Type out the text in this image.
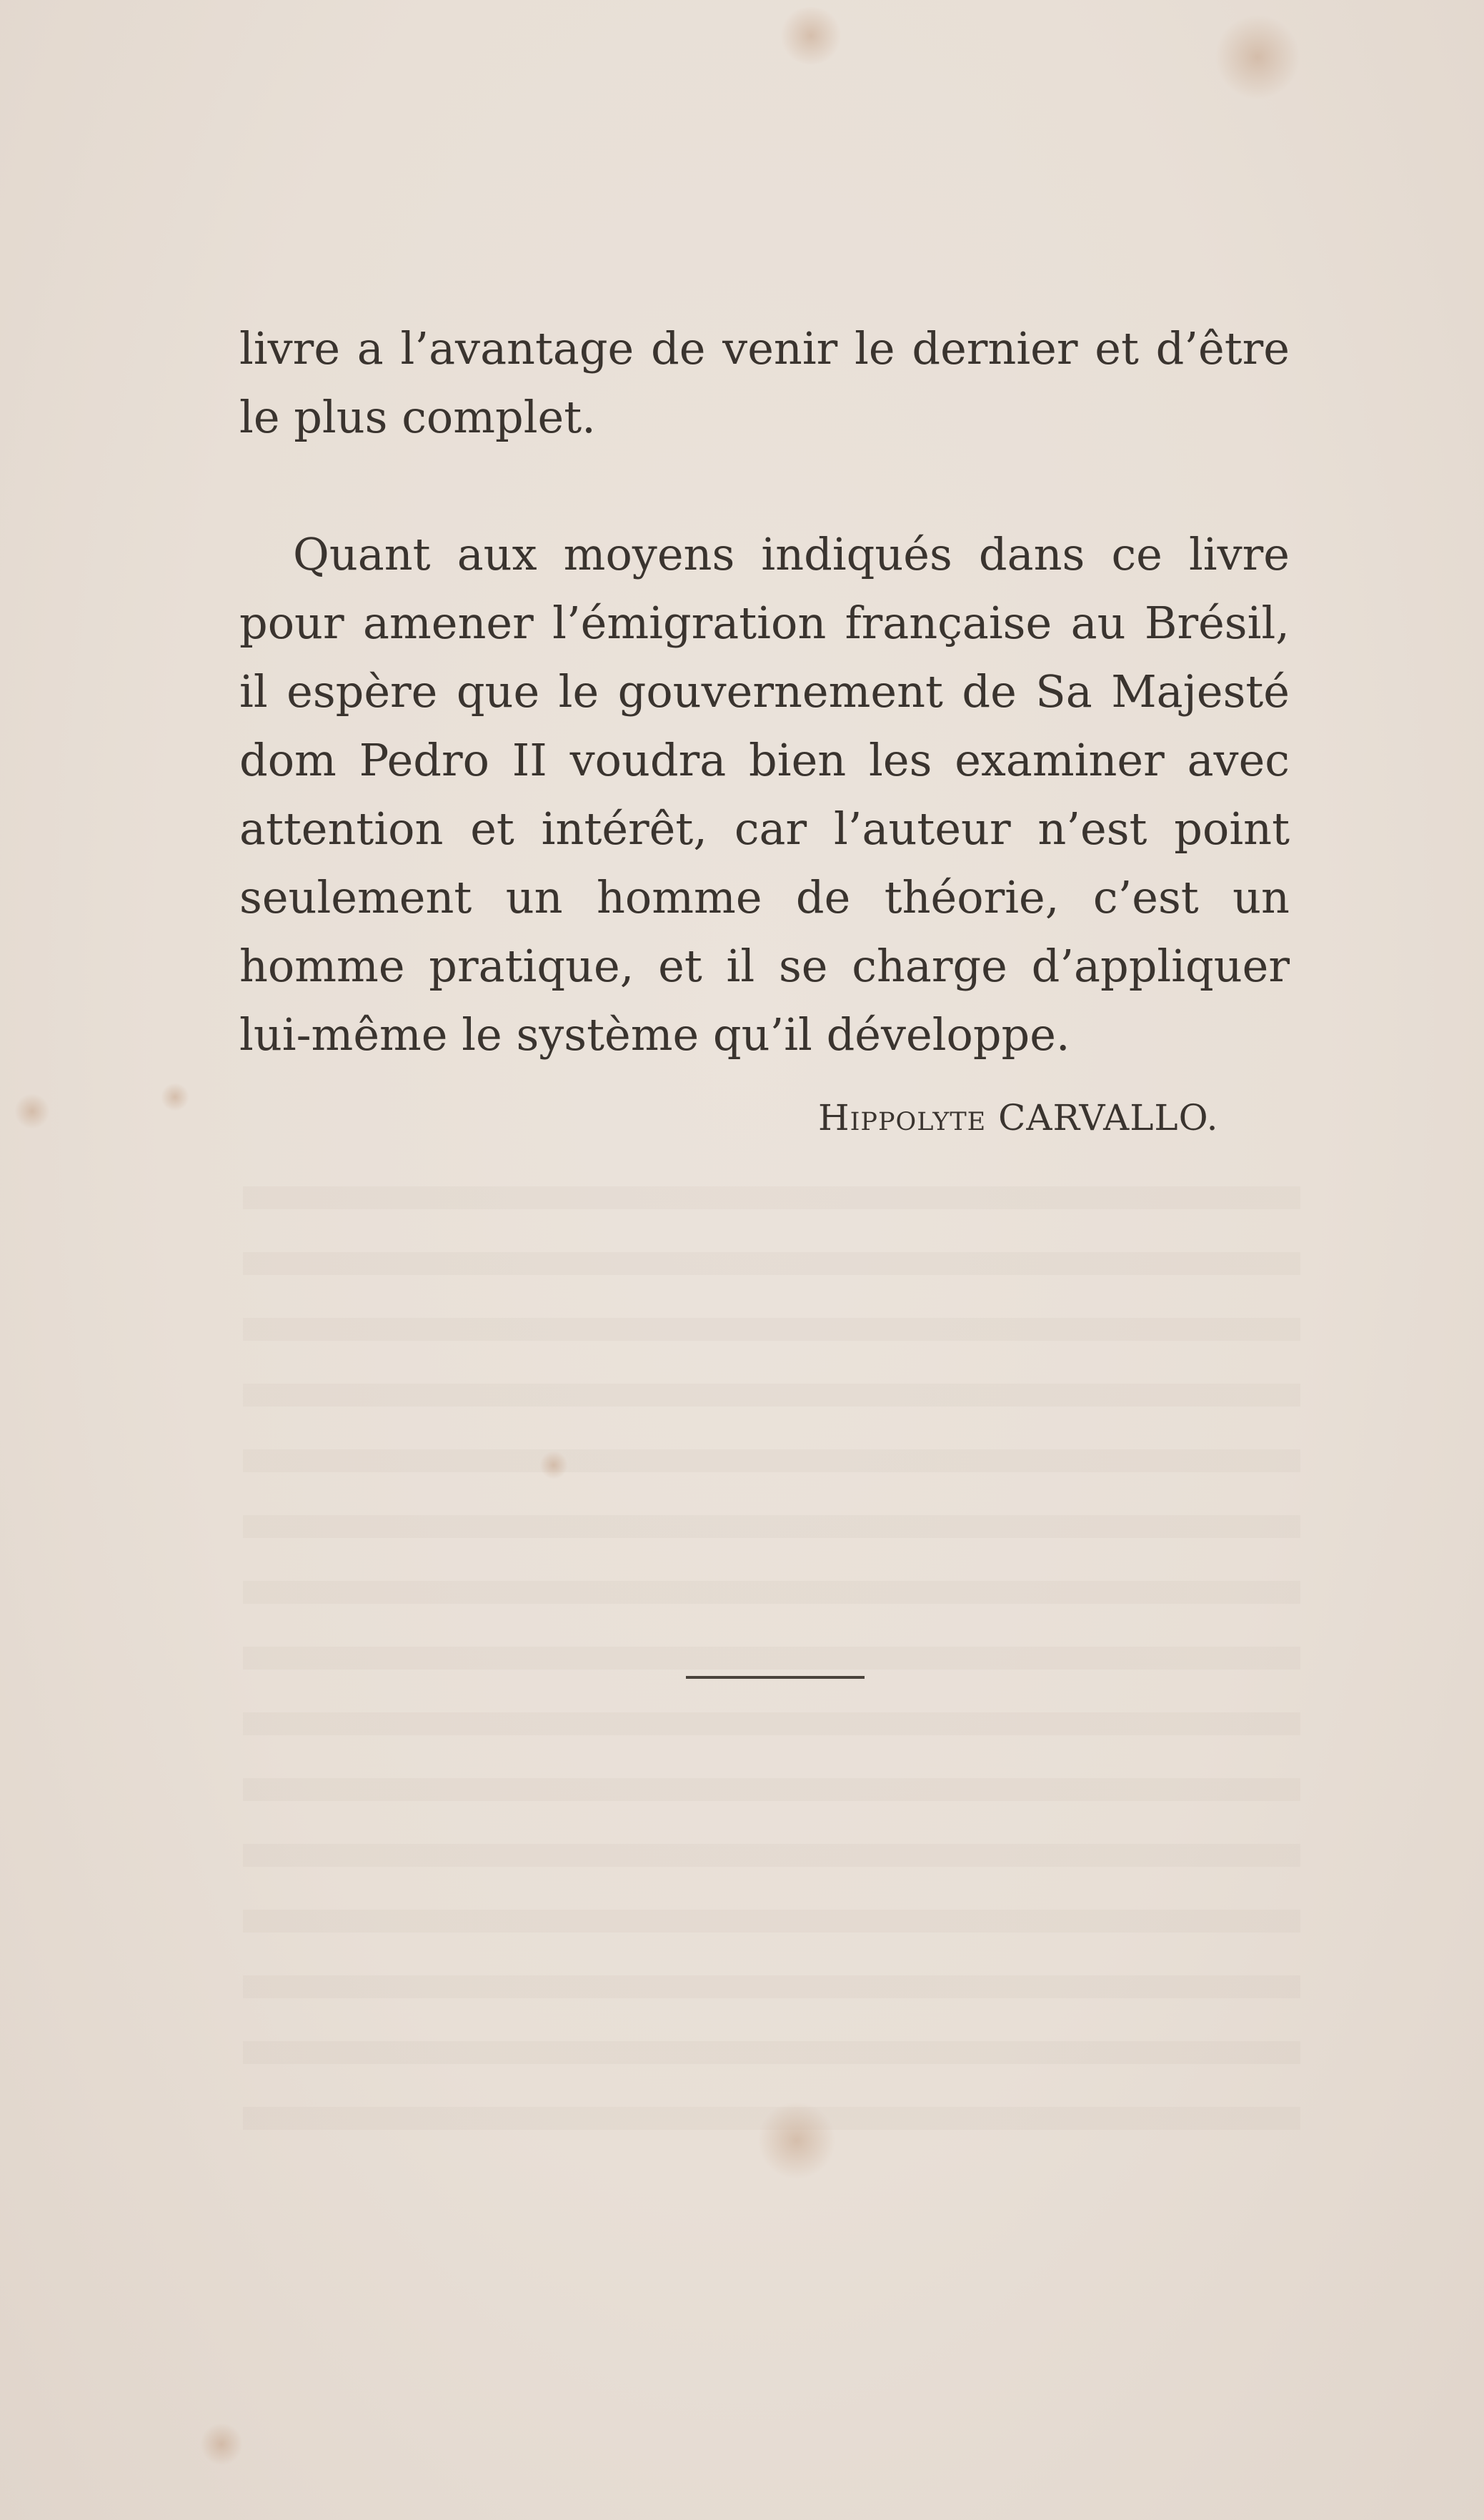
livre a l’avantage de venir le dernier et d’être le plus complet.

Quant aux moyens indiqués dans ce livre pour amener l’émigration française au Brésil, il espère que le gouvernement de Sa Majesté dom Pedro II voudra bien les examiner avec attention et intérêt, car l’auteur n’est point seulement un homme de théorie, c’est un homme pratique, et il se charge d’appliquer lui-même le système qu’il développe.

Hippolyte CARVALLO.
